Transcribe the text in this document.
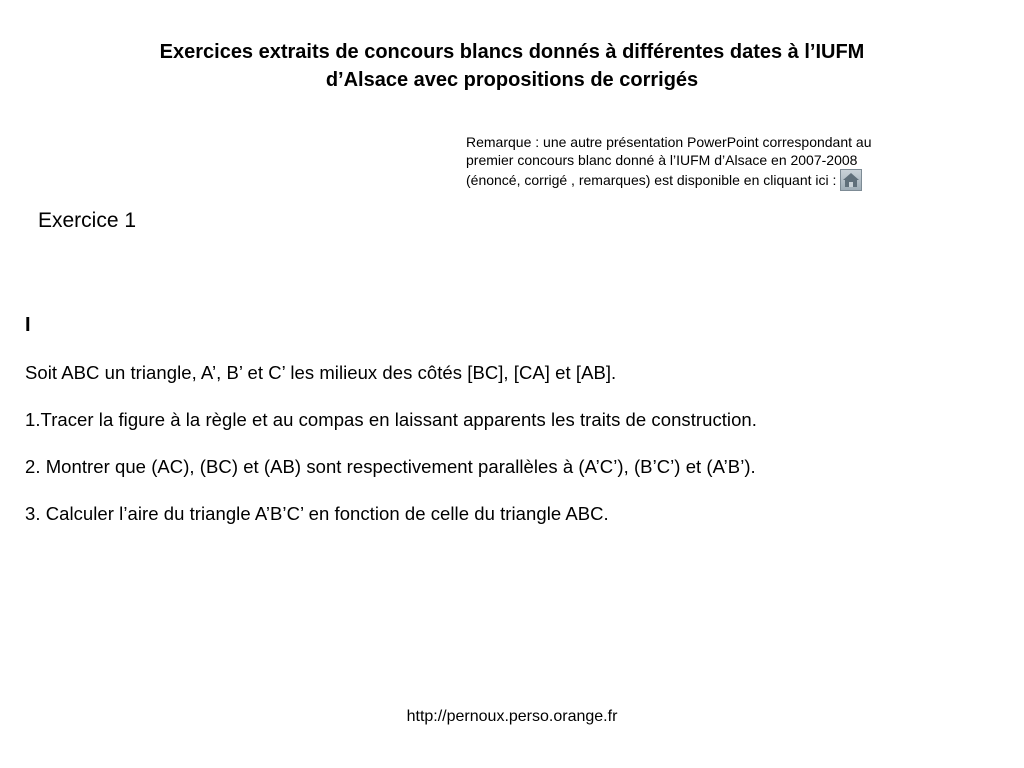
Exercices extraits de concours blancs donnés à différentes dates à l’IUFM
d’Alsace avec propositions de corrigés
Remarque : une autre présentation PowerPoint correspondant au
premier concours blanc donné à l’IUFM d’Alsace en 2007-2008
(énoncé, corrigé , remarques) est disponible en cliquant ici :
Exercice 1
I
Soit ABC un triangle, A’, B’ et C’ les milieux des côtés [BC], [CA] et [AB].
1.Tracer la figure à la règle et au compas en laissant apparents les traits de construction.
2. Montrer que (AC), (BC) et (AB) sont respectivement parallèles à (A’C’), (B’C’) et (A’B’).
3. Calculer l’aire du triangle A’B’C’ en fonction de celle du triangle ABC.
http://pernoux.perso.orange.fr
